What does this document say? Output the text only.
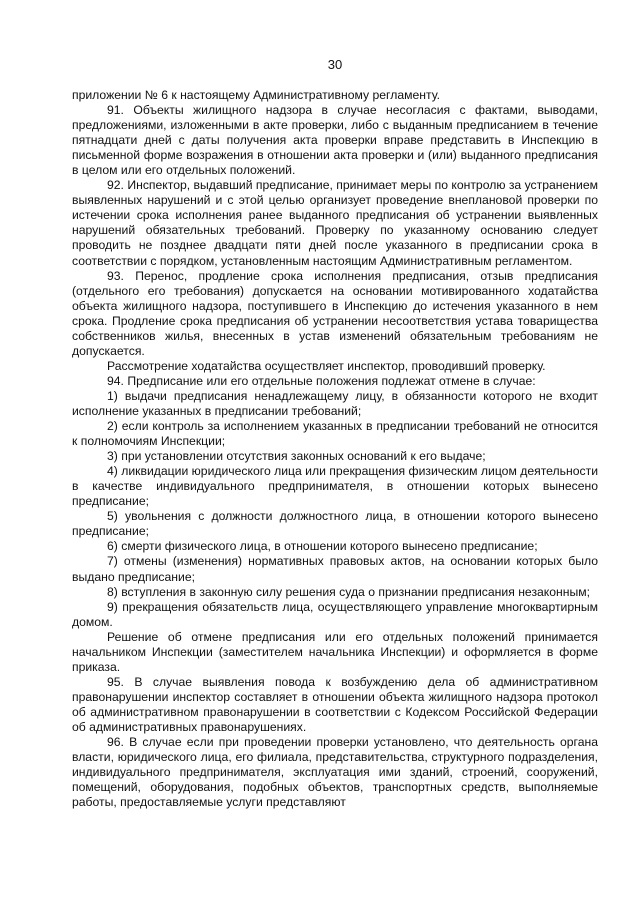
30

приложении № 6 к настоящему Административному регламенту.

91. Объекты жилищного надзора в случае несогласия с фактами, выводами, предложениями, изложенными в акте проверки, либо с выданным предписанием в течение пятнадцати дней с даты получения акта проверки вправе представить в Инспекцию в письменной форме возражения в отношении акта проверки и (или) выданного предписания в целом или его отдельных положений.

92. Инспектор, выдавший предписание, принимает меры по контролю за устранением выявленных нарушений и с этой целью организует проведение внеплановой проверки по истечении срока исполнения ранее выданного предписания об устранении выявленных нарушений обязательных требований. Проверку по указанному основанию следует проводить не позднее двадцати пяти дней после указанного в предписании срока в соответствии с порядком, установленным настоящим Административным регламентом.

93. Перенос, продление срока исполнения предписания, отзыв предписания (отдельного его требования) допускается на основании мотивированного ходатайства объекта жилищного надзора, поступившего в Инспекцию до истечения указанного в нем срока. Продление срока предписания об устранении несоответствия устава товарищества собственников жилья, внесенных в устав изменений обязательным требованиям не допускается.

Рассмотрение ходатайства осуществляет инспектор, проводивший проверку.

94. Предписание или его отдельные положения подлежат отмене в случае:

1) выдачи предписания ненадлежащему лицу, в обязанности которого не входит исполнение указанных в предписании требований;

2) если контроль за исполнением указанных в предписании требований не относится к полномочиям Инспекции;

3) при установлении отсутствия законных оснований к его выдаче;

4) ликвидации юридического лица или прекращения физическим лицом деятельности в качестве индивидуального предпринимателя, в отношении которых вынесено предписание;

5) увольнения с должности должностного лица, в отношении которого вынесено предписание;

6) смерти физического лица, в отношении которого вынесено предписание;

7) отмены (изменения) нормативных правовых актов, на основании которых было выдано предписание;

8) вступления в законную силу решения суда о признании предписания незаконным;

9) прекращения обязательств лица, осуществляющего управление многоквартирным домом.

Решение об отмене предписания или его отдельных положений принимается начальником Инспекции (заместителем начальника Инспекции) и оформляется в форме приказа.

95. В случае выявления повода к возбуждению дела об административном правонарушении инспектор составляет в отношении объекта жилищного надзора протокол об административном правонарушении в соответствии с Кодексом Российской Федерации об административных правонарушениях.

96. В случае если при проведении проверки установлено, что деятельность органа власти, юридического лица, его филиала, представительства, структурного подразделения, индивидуального предпринимателя, эксплуатация ими зданий, строений, сооружений, помещений, оборудования, подобных объектов, транспортных средств, выполняемые работы, предоставляемые услуги представляют
